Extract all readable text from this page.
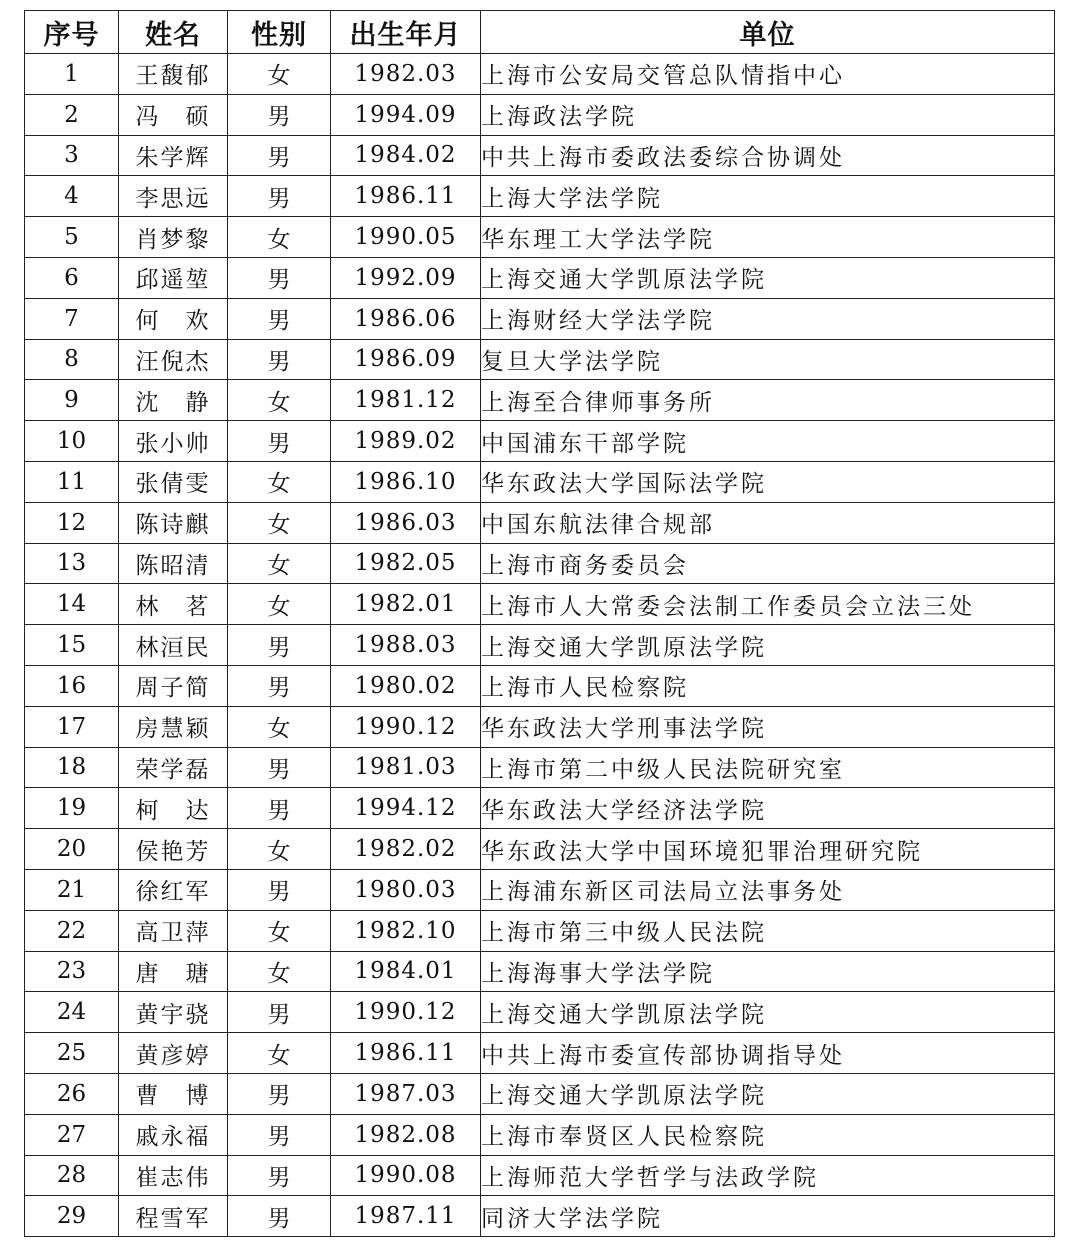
序号	姓名	性别	出生年月	单位
1	王馥郁	女	1982.03	上海市公安局交管总队情指中心
2	冯　硕	男	1994.09	上海政法学院
3	朱学辉	男	1984.02	中共上海市委政法委综合协调处
4	李思远	男	1986.11	上海大学法学院
5	肖梦黎	女	1990.05	华东理工大学法学院
6	邱遥堃	男	1992.09	上海交通大学凯原法学院
7	何　欢	男	1986.06	上海财经大学法学院
8	汪倪杰	男	1986.09	复旦大学法学院
9	沈　静	女	1981.12	上海至合律师事务所
10	张小帅	男	1989.02	中国浦东干部学院
11	张倩雯	女	1986.10	华东政法大学国际法学院
12	陈诗麒	女	1986.03	中国东航法律合规部
13	陈昭清	女	1982.05	上海市商务委员会
14	林　茗	女	1982.01	上海市人大常委会法制工作委员会立法三处
15	林洹民	男	1988.03	上海交通大学凯原法学院
16	周子简	男	1980.02	上海市人民检察院
17	房慧颖	女	1990.12	华东政法大学刑事法学院
18	荣学磊	男	1981.03	上海市第二中级人民法院研究室
19	柯　达	男	1994.12	华东政法大学经济法学院
20	侯艳芳	女	1982.02	华东政法大学中国环境犯罪治理研究院
21	徐红军	男	1980.03	上海浦东新区司法局立法事务处
22	高卫萍	女	1982.10	上海市第三中级人民法院
23	唐　瑭	女	1984.01	上海海事大学法学院
24	黄宇骁	男	1990.12	上海交通大学凯原法学院
25	黄彦婷	女	1986.11	中共上海市委宣传部协调指导处
26	曹　博	男	1987.03	上海交通大学凯原法学院
27	戚永福	男	1982.08	上海市奉贤区人民检察院
28	崔志伟	男	1990.08	上海师范大学哲学与法政学院
29	程雪军	男	1987.11	同济大学法学院
